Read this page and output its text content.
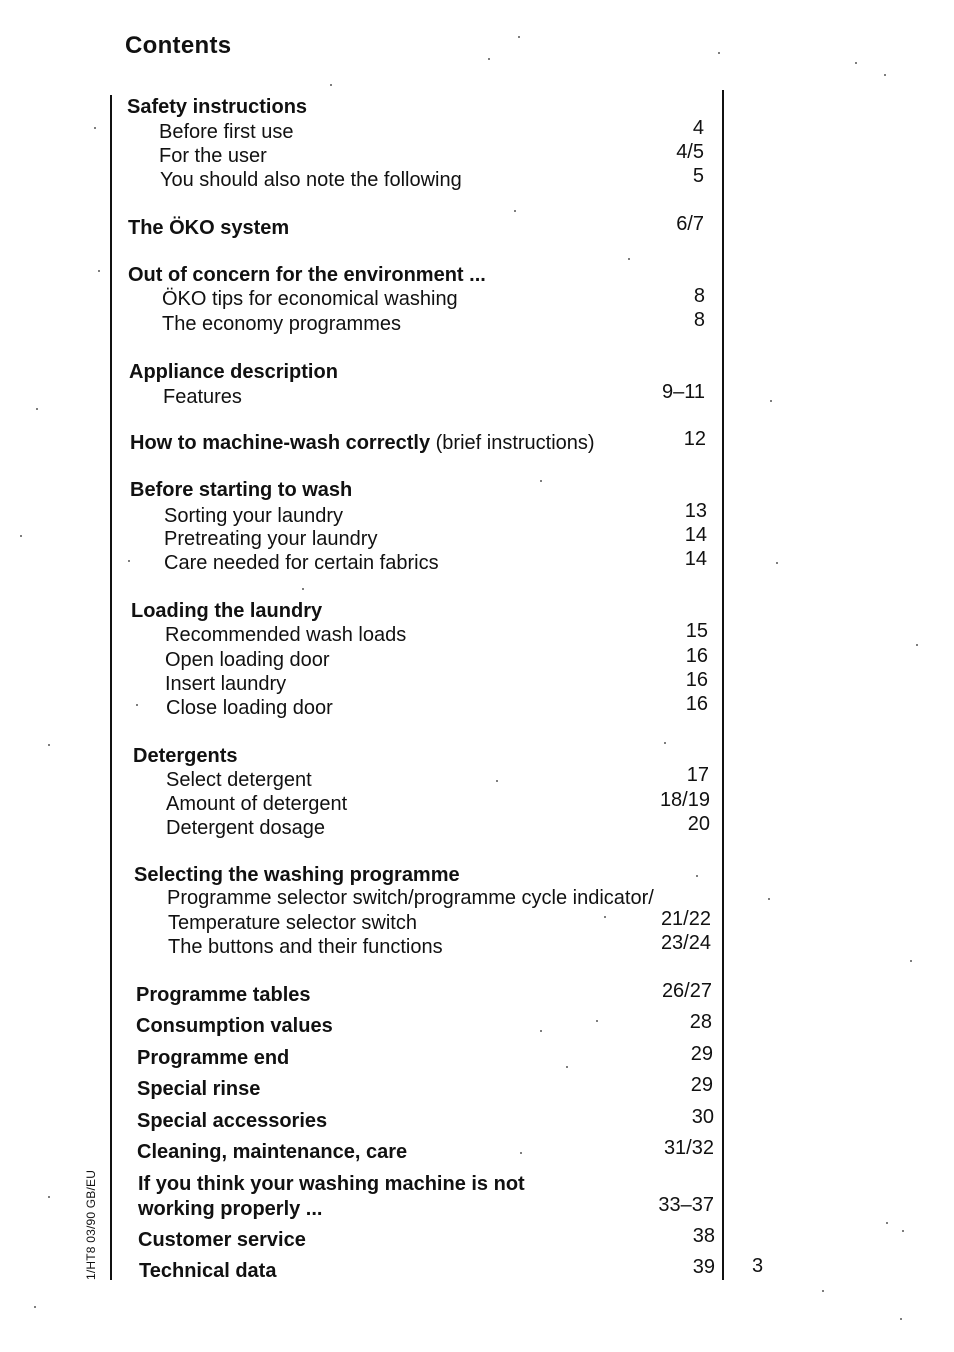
Contents
3
1/HT8 03/90 GB/EU
Safety instructions
Before first use	4
For the user	4/5
You should also note the following	5
The ÖKO system	6/7
Out of concern for the environment ...
ÖKO tips for economical washing	8
The economy programmes	8
Appliance description
Features	9–11
How to machine-wash correctly (brief instructions)	12
Before starting to wash
Sorting your laundry	13
Pretreating your laundry	14
Care needed for certain fabrics	14
Loading the laundry
Recommended wash loads	15
Open loading door	16
Insert laundry	16
Close loading door	16
Detergents
Select detergent	17
Amount of detergent	18/19
Detergent dosage	20
Selecting the washing programme
Programme selector switch/programme cycle indicator/
Temperature selector switch	21/22
The buttons and their functions	23/24
Programme tables	26/27
Consumption values	28
Programme end	29
Special rinse	29
Special accessories	30
Cleaning, maintenance, care	31/32
If you think your washing machine is not
working properly ...	33–37
Customer service	38
Technical data	39
